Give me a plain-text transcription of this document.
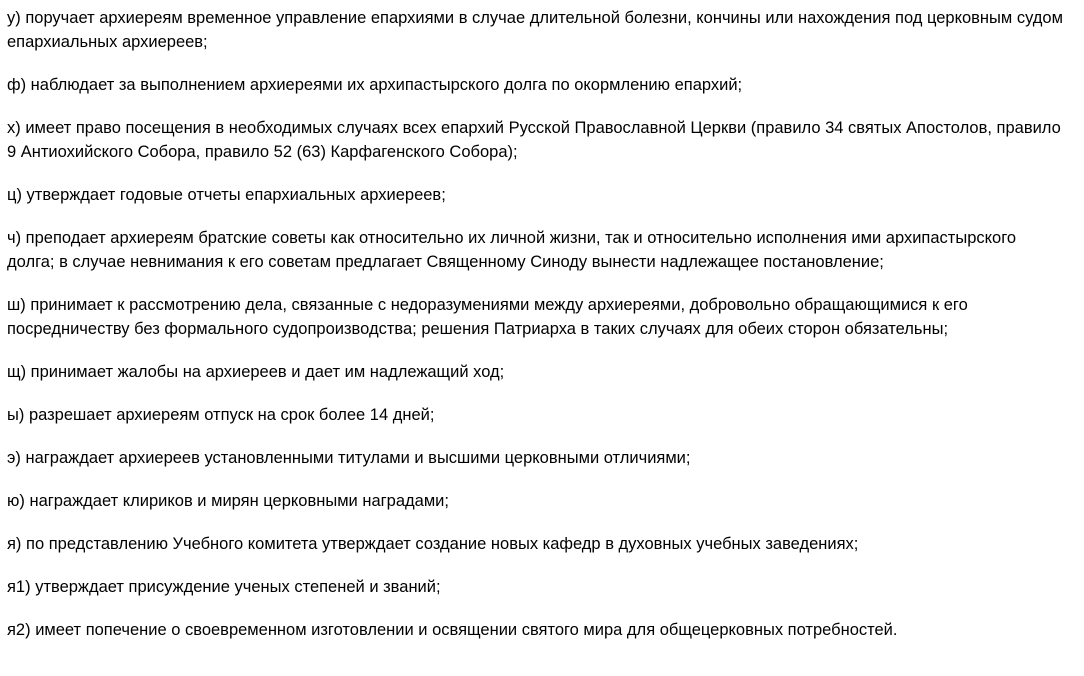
у) поручает архиереям временное управление епархиями в случае длительной болезни, кончины или нахождения под церковным судом епархиальных архиереев;

ф) наблюдает за выполнением архиереями их архипастырского долга по окормлению епархий;

х) имеет право посещения в необходимых случаях всех епархий Русской Православной Церкви (правило 34 святых Апостолов, правило 9 Антиохийского Собора, правило 52 (63) Карфагенского Собора);

ц) утверждает годовые отчеты епархиальных архиереев;

ч) преподает архиереям братские советы как относительно их личной жизни, так и относительно исполнения ими архипастырского долга; в случае невнимания к его советам предлагает Священному Синоду вынести надлежащее постановление;

ш) принимает к рассмотрению дела, связанные с недоразумениями между архиереями, добровольно обращающимися к его посредничеству без формального судопроизводства; решения Патриарха в таких случаях для обеих сторон обязательны;

щ) принимает жалобы на архиереев и дает им надлежащий ход;

ы) разрешает архиереям отпуск на срок более 14 дней;

э) награждает архиереев установленными титулами и высшими церковными отличиями;

ю) награждает клириков и мирян церковными наградами;

я) по представлению Учебного комитета утверждает создание новых кафедр в духовных учебных заведениях;

я1) утверждает присуждение ученых степеней и званий;

я2) имеет попечение о своевременном изготовлении и освящении святого мира для общецерковных потребностей.
